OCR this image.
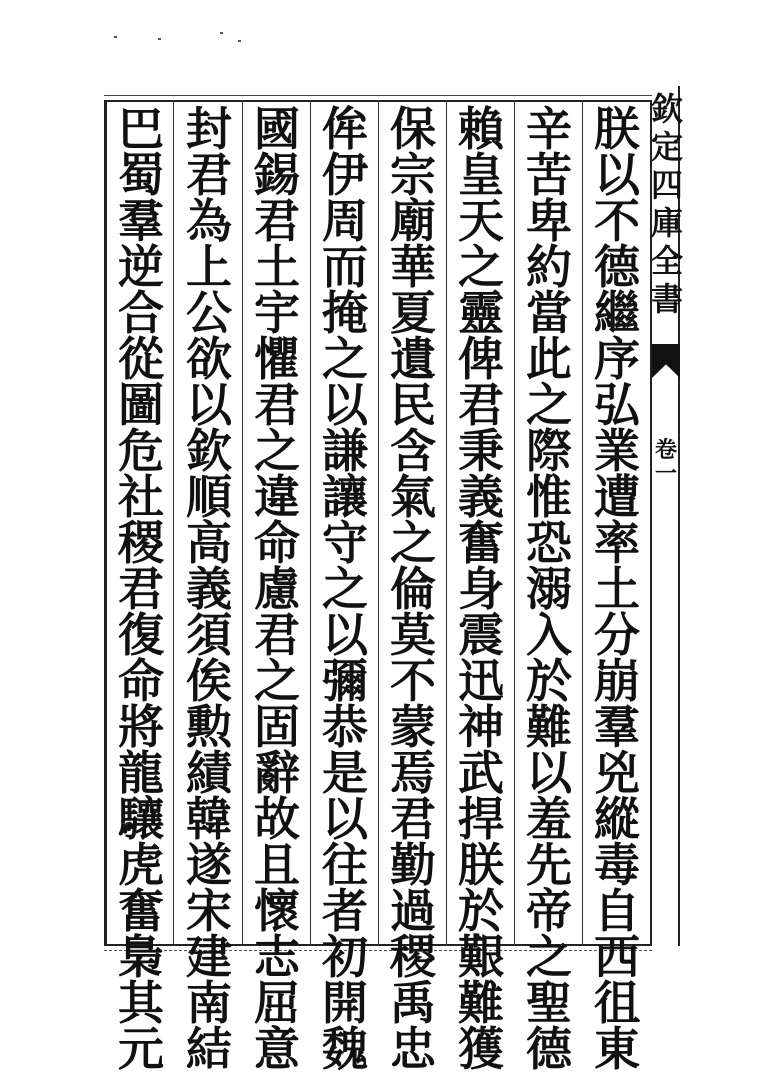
朕
以
不
德
繼
序
弘
業
遭
率
土
分
崩
羣
兇
縱
毒
自
西
徂
東
辛
苦
卑
約
當
此
之
際
惟
恐
溺
入
於
難
以
羞
先
帝
之
聖
德
賴
皇
天
之
靈
俾
君
秉
義
奮
身
震
迅
神
武
捍
朕
於
艱
難
獲
保
宗
廟
華
夏
遺
民
含
氣
之
倫
莫
不
蒙
焉
君
勤
過
稷
禹
忠
侔
伊
周
而
掩
之
以
謙
讓
守
之
以
彌
恭
是
以
往
者
初
開
魏
國
錫
君
土
宇
懼
君
之
違
命
慮
君
之
固
辭
故
且
懷
志
屈
意
封
君
為
上
公
欲
以
欽
順
高
義
須
俟
勲
績
韓
遂
宋
建
南
結
巴
蜀
羣
逆
合
從
圖
危
社
稷
君
復
命
將
龍
驤
虎
奮
梟
其
元
欽
定
四
庫
全
書
卷
一
